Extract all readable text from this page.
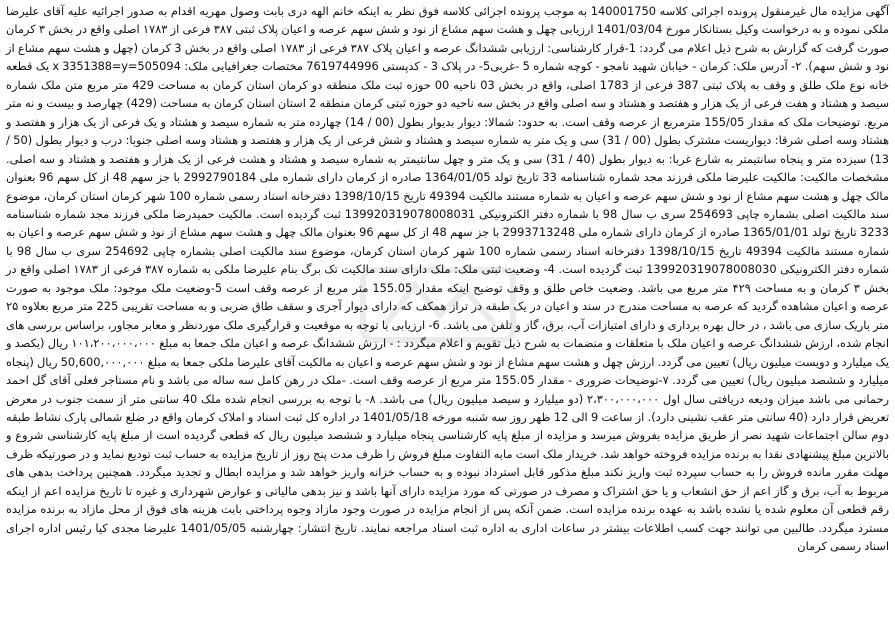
آگهی مزایده مال غیرمنقول پرونده اجرائی کلاسه 140001750 به موجب پرونده اجرائی کلاسه فوق نظر به اینکه خانم الهه دری بابت وصول مهریه اقدام به صدور اجرائیه علیه آقای علیرضا ملکی نموده و به درخواست وکیل بستانکار مورخ 1401/03/04 ارزیابی چهل و هشت سهم مشاع از نود و شش سهم عرصه و اعیان پلاک ثبتی ۳۸۷ فرعی از ۱۷۸۳ اصلی واقع در بخش ۳ کرمان صورت گرفت که گزارش به شرح ذیل اعلام می گردد: 1-قرار کارشناسی: ارزیابی ششدانگ عرصه و اعیان پلاک ۳۸۷ فرعی از ۱۷۸۳ اصلی واقع در بخش 3 کرمان (چهل و هشت سهم مشاع از نود و شش سهم). ۲- آدرس ملک: کرمان - خیابان شهید نامجو - کوچه شماره 5 -غربی5- در پلاک 3 - کدپستی 7619744996 مختصات جغرافیایی ملک: 505094=x 3351388=y یک قطعه خانه نوع ملک طلق و وقف به پلاک ثبتی 387 فرعی از 1783 اصلی، واقع در بخش 03 ناحیه 00 حوزه ثبت ملک منطقه دو کرمان استان کرمان به مساحت 429 متر مربع متن ملک شماره سیصد و هشتاد و هفت فرعی از یک هزار و هفتصد و هشتاد و سه اصلی واقع در بخش سه ناحیه دو حوزه ثبتی کرمان منطقه 2 استان استان کرمان به مساحت (429) چهارصد و بیست و نه متر مربع. توضیحات ملک که مقدار 155/05 مترمربع از عرصه وقف است. به حدود: شمالا: دیوار بدیوار بطول (00 / 14) چهارده متر به شماره سیصد و هشتاد و یک فرعی از یک هزار و هفتصد و هشتاد وسه اصلی شرقا: دیواریست مشترک بطول (00 / 31) سی و یک متر به شماره سیصد و هشتاد و شش فرعی از یک هزار و هفتصد و هشتاد وسه اصلی جنوبا: درب و دیوار بطول (50 / 13) سیزده متر و پنجاه سانتیمتر به شارع غربا: به دیوار بطول (40 / 31) سی و یک متر و چهل سانتیمتر به شماره سیصد و هشتاد و هشت فرعی از یک هزار و هفتصد و هشتاد و سه اصلی. مشخصات مالکیت: مالکیت علیرضا ملکی فرزند مجد شماره شناسنامه 33 تاریخ تولد 1364/01/05 صادره از کرمان دارای شماره ملی 2992790184 با جز سهم 48 از کل سهم 96 بعنوان مالک چهل و هشت سهم مشاع از نود و شش سهم عرصه و اعیان به شماره مستند مالکیت 49394 تاریخ 1398/10/15 دفترخانه اسناد رسمی شماره 100 شهر کرمان استان کرمان، موضوع سند مالکیت اصلی بشماره چاپی 254693 سری ب سال 98 با شماره دفتر الکترونیکی 139920319078008031 ثبت گردیده است. مالکیت حمیدرضا ملکی فرزند مجد شماره شناسنامه 3233 تاریخ تولد 1365/01/01 صادره از کرمان دارای شماره ملی 2993713248 با جز سهم 48 از کل سهم 96 بعنوان مالک چهل و هشت سهم مشاع از نود و شش سهم عرصه و اعیان به شماره مستند مالکیت 49394 تاریخ 1398/10/15 دفترخانه اسناد رسمی شماره 100 شهر کرمان استان کرمان، موضوع سند مالکیت اصلی بشماره چاپی 254692 سری ب سال 98 با شماره دفتر الکترونیکی 139920319078008030 ثبت گردیده است. 4- وضعیت ثبتی ملک: ملک دارای سند مالکیت تک برگ بنام علیرضا ملکی به شماره ۳۸۷ فرعی از ۱۷۸۳ اصلی واقع در بخش ۳ کرمان و به مساحت ۴۲۹ متر مربع می باشد. وضعیت خاص طلق و وقف توضیح اینکه مقدار 155.05 متر مربع از عرصه وقف است 5-وضعیت ملک موجود: ملک موجود به صورت عرصه و اعیان مشاهده گردید که عرصه به مساحت مندرج در سند و اعیان در یک طبقه در تراز همکف که دارای دیوار آجری و سقف طاق ضربی و به مساحت تقریبی 225 متر مربع بعلاوه ۲۵ متر باریک سازی می باشد ، در حال بهره برداری و دارای امتیازات آب، برق، گاز و تلفن می باشد. 6- ارزیابی با توجه به موقعیت و قرارگیری ملک موردنظر و معابر مجاور، براساس بررسی های انجام شده، ارزش ششدانگ عرصه و اعیان ملک با متعلقات و منضمات به شرح ذیل تقویم و اعلام میگردد : - ارزش ششدانگ عرصه و اعیان ملک جمعا به مبلغ ۱۰۱،۲۰۰،۰۰۰،۰۰۰ ریال (یکصد و یک میلیارد و دویست میلیون ریال) تعیین می گردد. ارزش چهل و هشت سهم مشاع از نود و شش سهم عرصه و اعیان به مالکیت آقای علیرضا ملکی جمعا به مبلغ 50,600,۰۰۰,۰۰۰ ریال (پنجاه میلیارد و ششصد میلیون ریال) تعیین می گردد. ۷-توضیحات ضروری - مقدار 155.05 متر مربع از عرصه وقف است. -ملک در رهن کامل سه ساله می باشد و نام مستاجر فعلی آقای گل احمد رحمانی می باشد میزان ودیعه دریافتی سال اول ۲،۳۰۰،۰۰۰،۰۰۰ (دو میلیارد و سیصد میلیون ریال) می باشد. ۸- با توجه به بررسی انجام شده ملک 40 سانتی متر از سمت جنوب در معرض تعریض قرار دارد (40 سانتی متر عقب نشینی دارد). از ساعت 9 الی 12 ظهر روز سه شنبه مورخه 1401/05/18 در اداره کل ثبت اسناد و املاک کرمان واقع در ضلع شمالی پارک نشاط طبقه دوم سالن اجتماعات شهید نصر از طریق مزایده بفروش میرسد و مزایده از مبلغ پایه کارشناسی پنجاه میلیارد و ششصد میلیون ریال که قطعی گردیده است از مبلغ پایه کارشناسی شروع و بالاترین مبلغ پیشنهادی نقدا به برنده مزایده فروخته خواهد شد. خریدار ملک است مابه التفاوت مبلغ فروش را ظرف مدت پنج روز از تاریخ مزایده به حساب ثبت تودیع نماید و در صورتیکه ظرف مهلت مقرر مانده فروش را به حساب سپرده ثبت واریز نکند مبلغ مذکور قابل استرداد نبوده و به حساب خزانه واریز خواهد شد و مزایده ابطال و تجدید میگردد. همچنین پرداخت بدهی های مربوط به آب، برق و گاز اعم از حق انشعاب و یا حق اشتراک و مصرف در صورتی که مورد مزایده دارای آنها باشد و نیز بدهی مالیاتی و عوارض شهرداری و غیره تا تاریخ مزایده اعم از اینکه رقم قطعی آن معلوم شده یا نشده باشد به عهده برنده مزایده است. ضمن آنکه پس از انجام مزایده در صورت وجود مازاد وجوه پرداختی بابت هزینه های فوق از محل مازاد به برنده مزایده مسترد میگردد. طالبین می توانند جهت کسب اطلاعات بیشتر در ساعات اداری به اداره ثبت اسناد مراجعه نمایند. تاریخ انتشار: چهارشنبه 1401/05/05 علیرضا مجدی کیا رئیس اداره اجرای اسناد رسمی کرمان
